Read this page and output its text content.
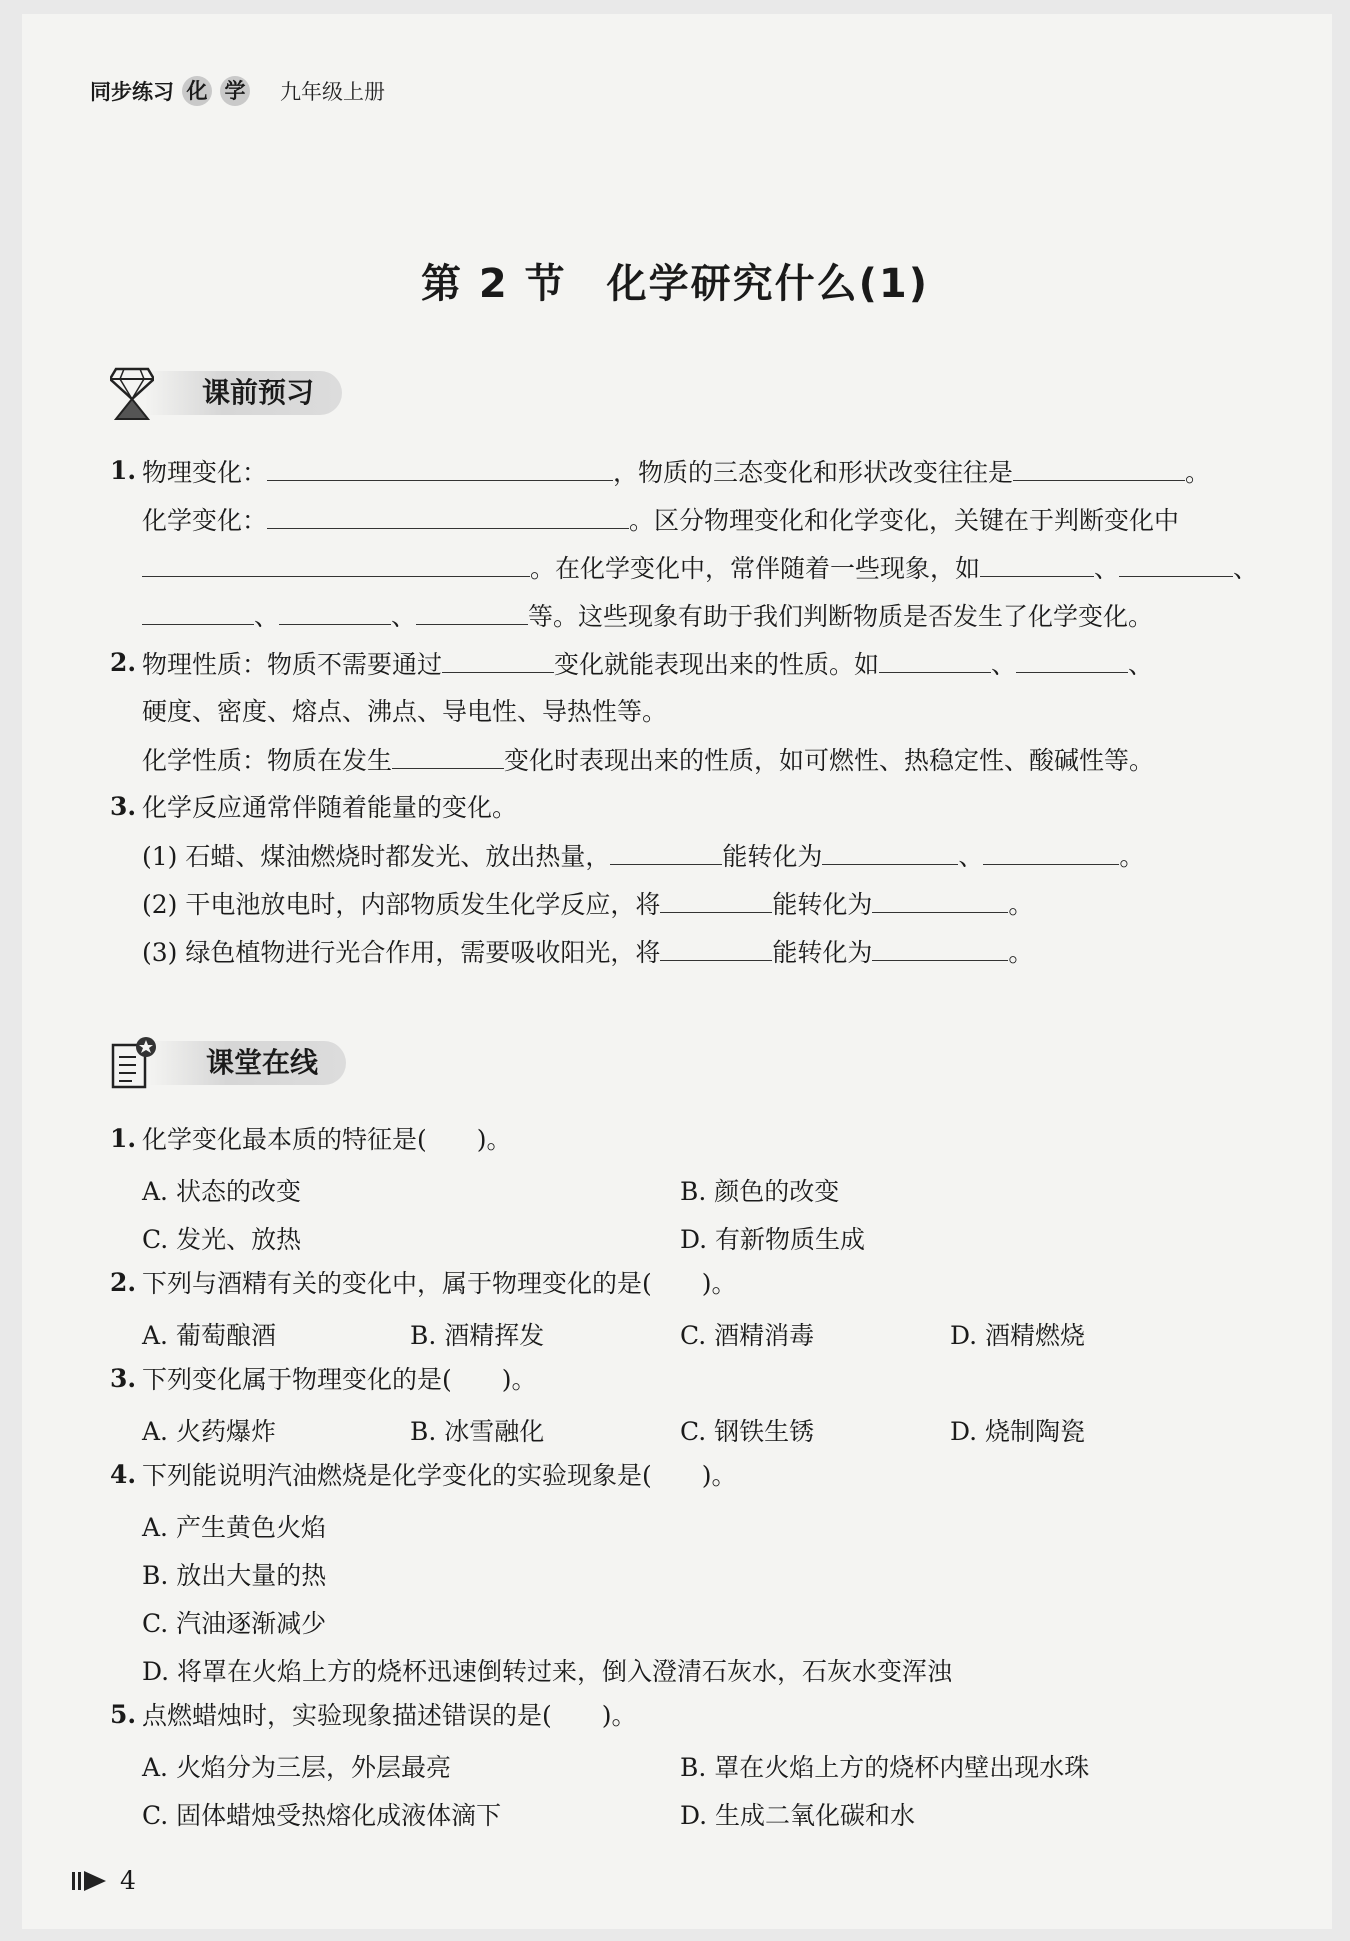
同步练习 化 学 九年级上册
第 2 节 化学研究什么(1)
课前预习
1. 物理变化：	，物质的三态变化和形状改变往往是	。
化学变化：	。区分物理变化和化学变化，关键在于判断变化中
。在化学变化中，常伴随着一些现象，如	、	、
、	、	等。这些现象有助于我们判断物质是否发生了化学变化。
2. 物理性质：物质不需要通过	变化就能表现出来的性质。如	、	、
硬度、密度、熔点、沸点、导电性、导热性等。
化学性质：物质在发生	变化时表现出来的性质，如可燃性、热稳定性、酸碱性等。
3. 化学反应通常伴随着能量的变化。
(1) 石蜡、煤油燃烧时都发光、放出热量，	能转化为	、	。
(2) 干电池放电时，内部物质发生化学反应，将	能转化为	。
(3) 绿色植物进行光合作用，需要吸收阳光，将	能转化为	。
课堂在线
1. 化学变化最本质的特征是(　　)。
A. 状态的改变	B. 颜色的改变
C. 发光、放热	D. 有新物质生成
2. 下列与酒精有关的变化中，属于物理变化的是(　　)。
A. 葡萄酿酒	B. 酒精挥发	C. 酒精消毒	D. 酒精燃烧
3. 下列变化属于物理变化的是(　　)。
A. 火药爆炸	B. 冰雪融化	C. 钢铁生锈	D. 烧制陶瓷
4. 下列能说明汽油燃烧是化学变化的实验现象是(　　)。
A. 产生黄色火焰
B. 放出大量的热
C. 汽油逐渐减少
D. 将罩在火焰上方的烧杯迅速倒转过来，倒入澄清石灰水，石灰水变浑浊
5. 点燃蜡烛时，实验现象描述错误的是(　　)。
A. 火焰分为三层，外层最亮	B. 罩在火焰上方的烧杯内壁出现水珠
C. 固体蜡烛受热熔化成液体滴下	D. 生成二氧化碳和水
4
